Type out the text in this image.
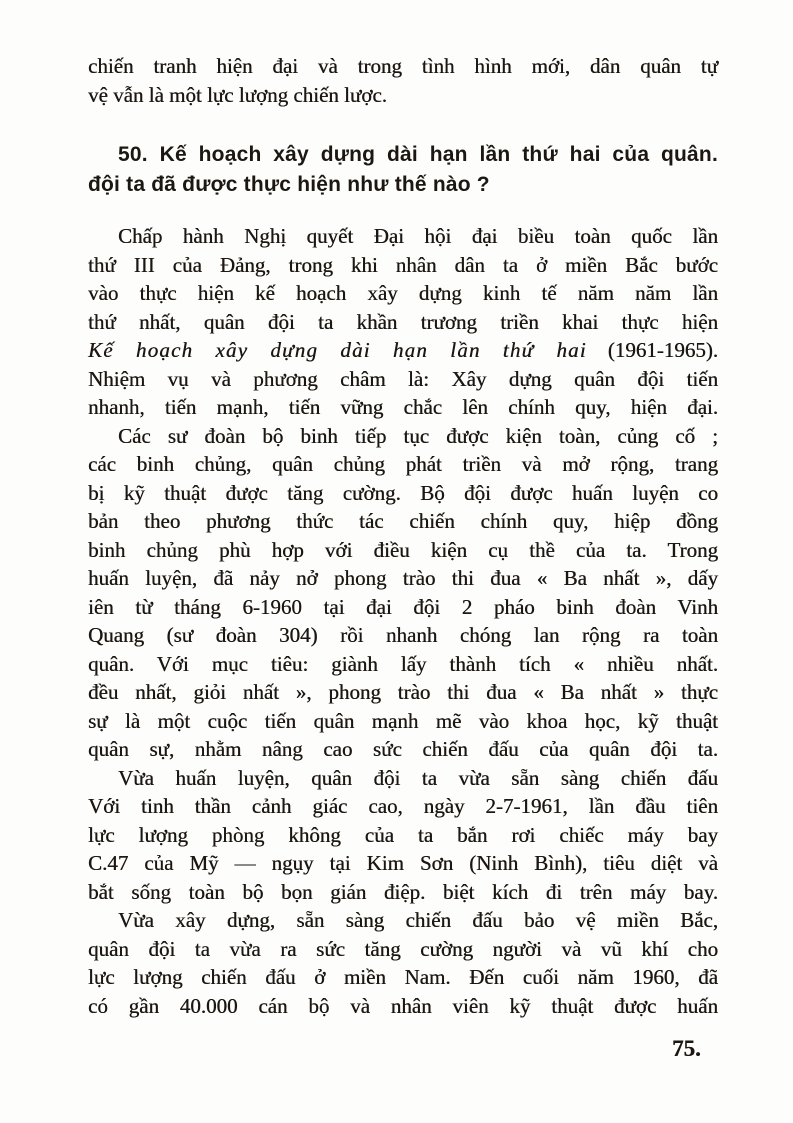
chiến tranh hiện đại và trong tình hình mới, dân quân tự
vệ vẫn là một lực lượng chiến lược.
50. Kế hoạch xây dựng dài hạn lần thứ hai của quân.
đội ta đã được thực hiện như thế nào ?
Chấp hành Nghị quyết Đại hội đại biều toàn quốc lần
thứ III của Đảng, trong khi nhân dân ta ở miền Bắc bước
vào thực hiện kế hoạch xây dựng kinh tế năm năm lần
thứ nhất, quân đội ta khần trương triền khai thực hiện
Kế hoạch xây dựng dài hạn lần thứ hai (1961-1965).
Nhiệm vụ và phương châm là: Xây dựng quân đội tiến
nhanh, tiến mạnh, tiến vững chắc lên chính quy, hiện đại.
Các sư đoàn bộ binh tiếp tục được kiện toàn, củng cố ;
các binh chủng, quân chủng phát triền và mở rộng, trang
bị kỹ thuật được tăng cường. Bộ đội được huấn luyện co
bản theo phương thức tác chiến chính quy, hiệp đồng
binh chủng phù hợp với điều kiện cụ thề của ta. Trong
huấn luyện, đã nảy nở phong trào thi đua « Ba nhất », dấy
iên từ tháng 6-1960 tại đại đội 2 pháo binh đoàn Vinh
Quang (sư đoàn 304) rồi nhanh chóng lan rộng ra toàn
quân. Với mục tiêu: giành lấy thành tích « nhiều nhất.
đều nhất, giỏi nhất », phong trào thi đua « Ba nhất » thực
sự là một cuộc tiến quân mạnh mẽ vào khoa học, kỹ thuật
quân sự, nhằm nâng cao sức chiến đấu của quân đội ta.
Vừa huấn luyện, quân đội ta vừa sẵn sàng chiến đấu
Với tinh thần cảnh giác cao, ngày 2-7-1961, lần đầu tiên
lực lượng phòng không của ta bắn rơi chiếc máy bay
C.47 của Mỹ — ngụy tại Kim Sơn (Ninh Bình), tiêu diệt và
bắt sống toàn bộ bọn gián điệp. biệt kích đi trên máy bay.
Vừa xây dựng, sẵn sàng chiến đấu bảo vệ miền Bắc,
quân đội ta vừa ra sức tăng cường người và vũ khí cho
lực lượng chiến đấu ở miền Nam. Đến cuối năm 1960, đã
có gần 40.000 cán bộ và nhân viên kỹ thuật được huấn
75.
